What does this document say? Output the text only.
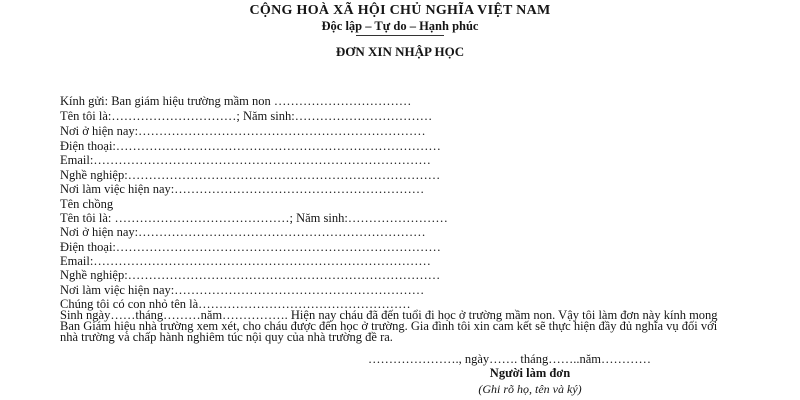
CỘNG HOÀ XÃ HỘI CHỦ NGHĨA VIỆT NAM
Độc lập – Tự do – Hạnh phúc
ĐƠN XIN NHẬP HỌC
Kính gửi: Ban giám hiệu trường mầm non ……………………………
Tên tôi là:…………………………; Năm sinh:……………………………
Nơi ở hiện nay:……………………………………………………………
Điện thoại:……………………………………………………………………
Email:………………………………………………………………………
Nghề nghiệp:…………………………………………………………………
Nơi làm việc hiện nay:……………………………………………………
Tên chồng
Tên tôi là: ……………………………………; Năm sinh:……………………
Nơi ở hiện nay:……………………………………………………………
Điện thoại:……………………………………………………………………
Email:………………………………………………………………………
Nghề nghiệp:…………………………………………………………………
Nơi làm việc hiện nay:……………………………………………………
Chúng tôi có con nhỏ tên là……………………………………………
Sinh ngày……tháng………năm……………. Hiện nay cháu đã đến tuổi đi học ở trường mầm non. Vậy tôi làm đơn này kính mong Ban Giám hiệu nhà trường xem xét, cho cháu được đến học ở trường. Gia đình tôi xin cam kết sẽ thực hiện đầy đủ nghĩa vụ đối với nhà trường và chấp hành nghiêm túc nội quy của nhà trường đề ra.
…………………., ngày……. tháng……..năm…………
Người làm đơn
(Ghi rõ họ, tên và ký)
